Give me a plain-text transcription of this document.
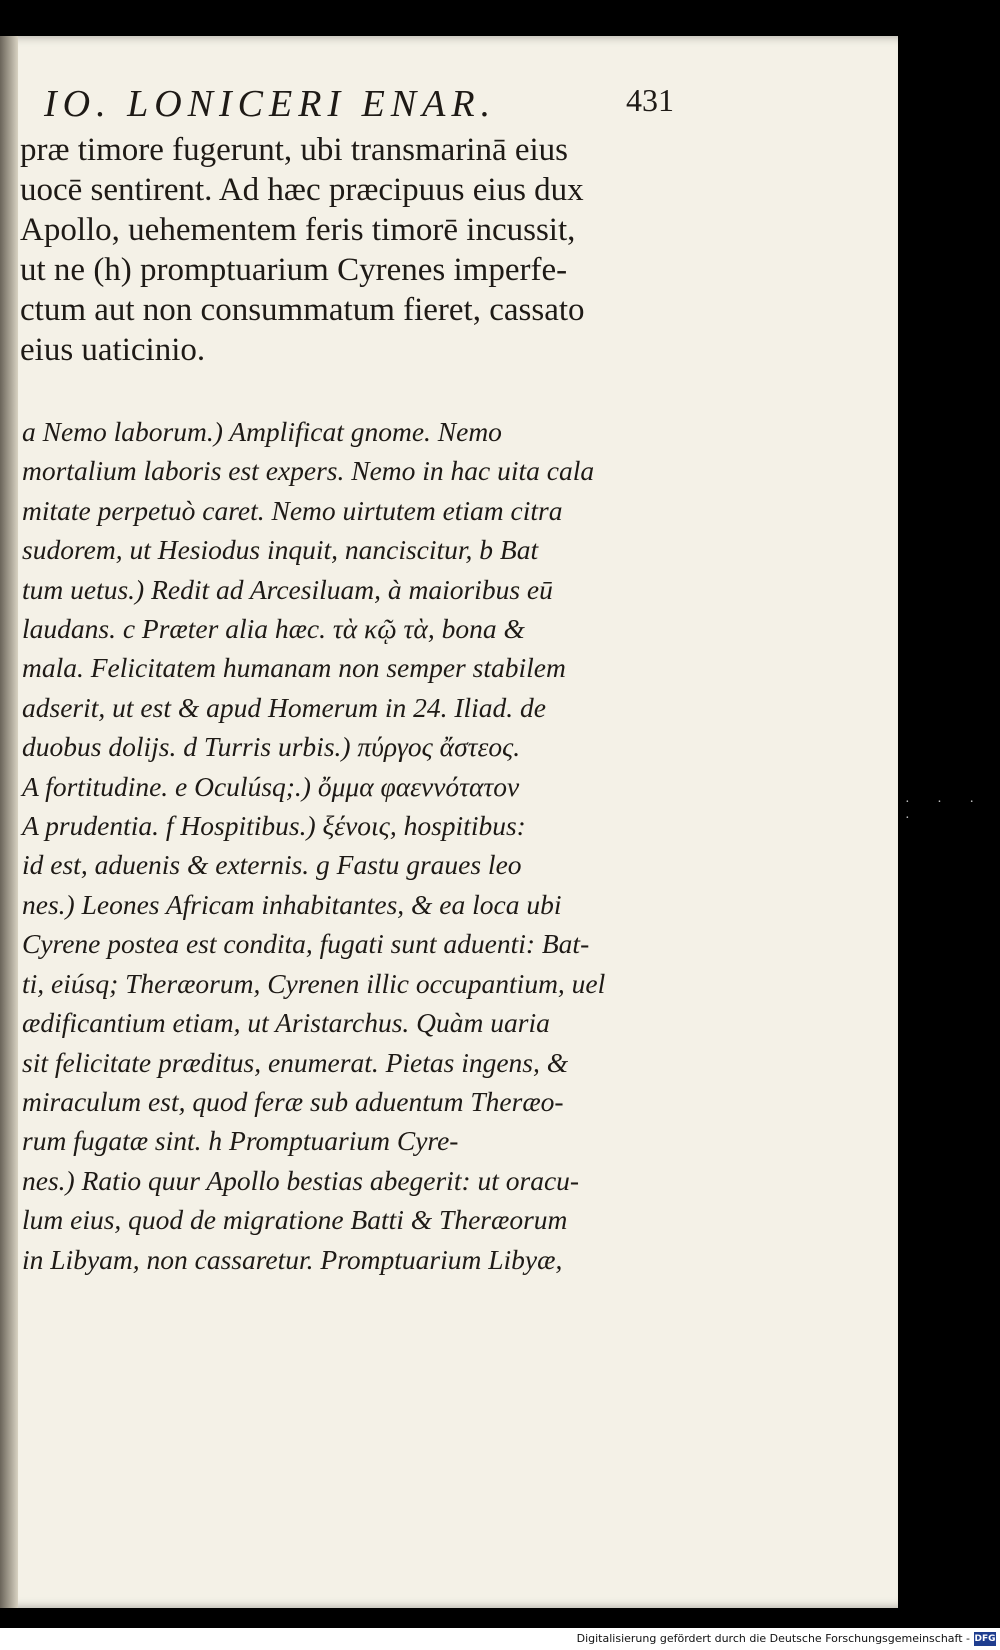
IO. LONICERI ENAR.	431
præ timore fugerunt, ubi transmarinā eius
uocē sentirent. Ad hæc præcipuus eius dux
Apollo, uehementem feris timorē incussit,
ut ne (h) promptuarium Cyrenes imperfe-
ctum aut non consummatum fieret, cassato
eius uaticinio.
a Nemo laborum.) Amplificat gnome. Nemo
mortalium laboris est expers. Nemo in hac uita cala
mitate perpetuò caret. Nemo uirtutem etiam citra
sudorem, ut Hesiodus inquit, nanciscitur, b Bat
tum uetus.) Redit ad Arcesiluam, à maioribus eū
laudans. c Præter alia hæc. τὰ κῷ τὰ, bona &
mala. Felicitatem humanam non semper stabilem
adserit, ut est & apud Homerum in 24. Iliad. de
duobus dolijs. d Turris urbis.) πύργος ἄστεος.
A fortitudine. e Oculúsq;.) ὄμμα φαεννότατον
A prudentia. f Hospitibus.) ξένοις, hospitibus:
id est, aduenis & externis. g Fastu graues leo
nes.) Leones Africam inhabitantes, & ea loca ubi
Cyrene postea est condita, fugati sunt aduenti: Bat-
ti, eiúsq; Theræorum, Cyrenen illic occupantium, uel
ædificantium etiam, ut Aristarchus. Quàm uaria
sit felicitate præditus, enumerat. Pietas ingens, &
miraculum est, quod feræ sub aduentum Theræo-
rum fugatæ sint. h Promptuarium Cyre-
nes.) Ratio quur Apollo bestias abegerit: ut oracu-
lum eius, quod de migratione Batti & Theræorum
in Libyam, non cassaretur. Promptuarium Libyæ,
· · · ·
Digitalisierung gefördert durch die Deutsche Forschungsgemeinschaft - DFG
